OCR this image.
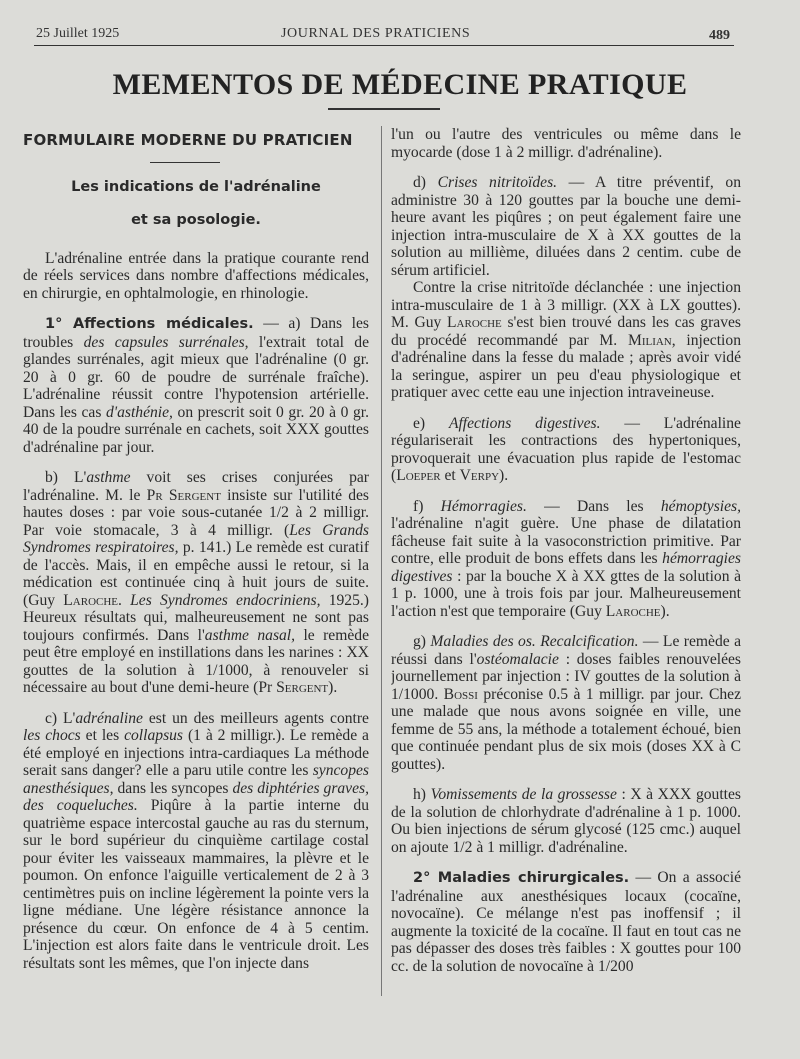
25 Juillet 1925	JOURNAL DES PRATICIENS	489
MEMENTOS DE MÉDECINE PRATIQUE
FORMULAIRE MODERNE DU PRATICIEN
Les indications de l'adrénaline
et sa posologie.

L'adrénaline entrée dans la pratique courante rend de réels services dans nombre d'affections médicales, en chirurgie, en ophtalmologie, en rhinologie.

1° Affections médicales. — a) Dans les troubles des capsules surrénales, l'extrait total de glandes surrénales, agit mieux que l'adrénaline (0 gr. 20 à 0 gr. 60 de poudre de surrénale fraîche). L'adrénaline réussit contre l'hypotension artérielle. Dans les cas d'asthénie, on prescrit soit 0 gr. 20 à 0 gr. 40 de la poudre surrénale en cachets, soit XXX gouttes d'adrénaline par jour.

b) L'asthme voit ses crises conjurées par l'adrénaline. M. le Pr Sergent insiste sur l'utilité des hautes doses : par voie sous-cutanée 1/2 à 2 milligr. Par voie stomacale, 3 à 4 milligr. (Les Grands Syndromes respiratoires, p. 141.) Le remède est curatif de l'accès. Mais, il en empêche aussi le retour, si la médication est continuée cinq à huit jours de suite. (Guy Laroche. Les Syndromes endocriniens, 1925.) Heureux résultats qui, malheureusement ne sont pas toujours confirmés. Dans l'asthme nasal, le remède peut être employé en instillations dans les narines : XX gouttes de la solution à 1/1000, à renouveler si nécessaire au bout d'une demi-heure (Pr Sergent).

c) L'adrénaline est un des meilleurs agents contre les chocs et les collapsus (1 à 2 milligr.). Le remède a été employé en injections intra-cardiaques La méthode serait sans danger? elle a paru utile contre les syncopes anesthésiques, dans les syncopes des diphtéries graves, des coqueluches. Piqûre à la partie interne du quatrième espace intercostal gauche au ras du sternum, sur le bord supérieur du cinquième cartilage costal pour éviter les vaisseaux mammaires, la plèvre et le poumon. On enfonce l'aiguille verticalement de 2 à 3 centimètres puis on incline légèrement la pointe vers la ligne médiane. Une légère résistance annonce la présence du cœur. On enfonce de 4 à 5 centim. L'injection est alors faite dans le ventricule droit. Les résultats sont les mêmes, que l'on injecte dans

l'un ou l'autre des ventricules ou même dans le myocarde (dose 1 à 2 milligr. d'adrénaline).

d) Crises nitritoïdes. — A titre préventif, on administre 30 à 120 gouttes par la bouche une demi-heure avant les piqûres ; on peut également faire une injection intra-musculaire de X à XX gouttes de la solution au millième, diluées dans 2 centim. cube de sérum artificiel.

Contre la crise nitritoïde déclanchée : une injection intra-musculaire de 1 à 3 milligr. (XX à LX gouttes). M. Guy Laroche s'est bien trouvé dans les cas graves du procédé recommandé par M. Milian, injection d'adrénaline dans la fesse du malade ; après avoir vidé la seringue, aspirer un peu d'eau physiologique et pratiquer avec cette eau une injection intraveineuse.

e) Affections digestives. — L'adrénaline régulariserait les contractions des hypertoniques, provoquerait une évacuation plus rapide de l'estomac (Loeper et Verpy).

f) Hémorragies. — Dans les hémoptysies, l'adrénaline n'agit guère. Une phase de dilatation fâcheuse fait suite à la vasoconstriction primitive. Par contre, elle produit de bons effets dans les hémorragies digestives : par la bouche X à XX gttes de la solution à 1 p. 1000, une à trois fois par jour. Malheureusement l'action n'est que temporaire (Guy Laroche).

g) Maladies des os. Recalcification. — Le remède a réussi dans l'ostéomalacie : doses faibles renouvelées journellement par injection : IV gouttes de la solution à 1/1000. Bossi préconise 0.5 à 1 milligr. par jour. Chez une malade que nous avons soignée en ville, une femme de 55 ans, la méthode a totalement échoué, bien que continuée pendant plus de six mois (doses XX à C gouttes).

h) Vomissements de la grossesse : X à XXX gouttes de la solution de chlorhydrate d'adrénaline à 1 p. 1000. Ou bien injections de sérum glycosé (125 cmc.) auquel on ajoute 1/2 à 1 milligr. d'adrénaline.

2° Maladies chirurgicales. — On a associé l'adrénaline aux anesthésiques locaux (cocaïne, novocaïne). Ce mélange n'est pas inoffensif ; il augmente la toxicité de la cocaïne. Il faut en tout cas ne pas dépasser des doses très faibles : X gouttes pour 100 cc. de la solution de novocaïne à 1/200
